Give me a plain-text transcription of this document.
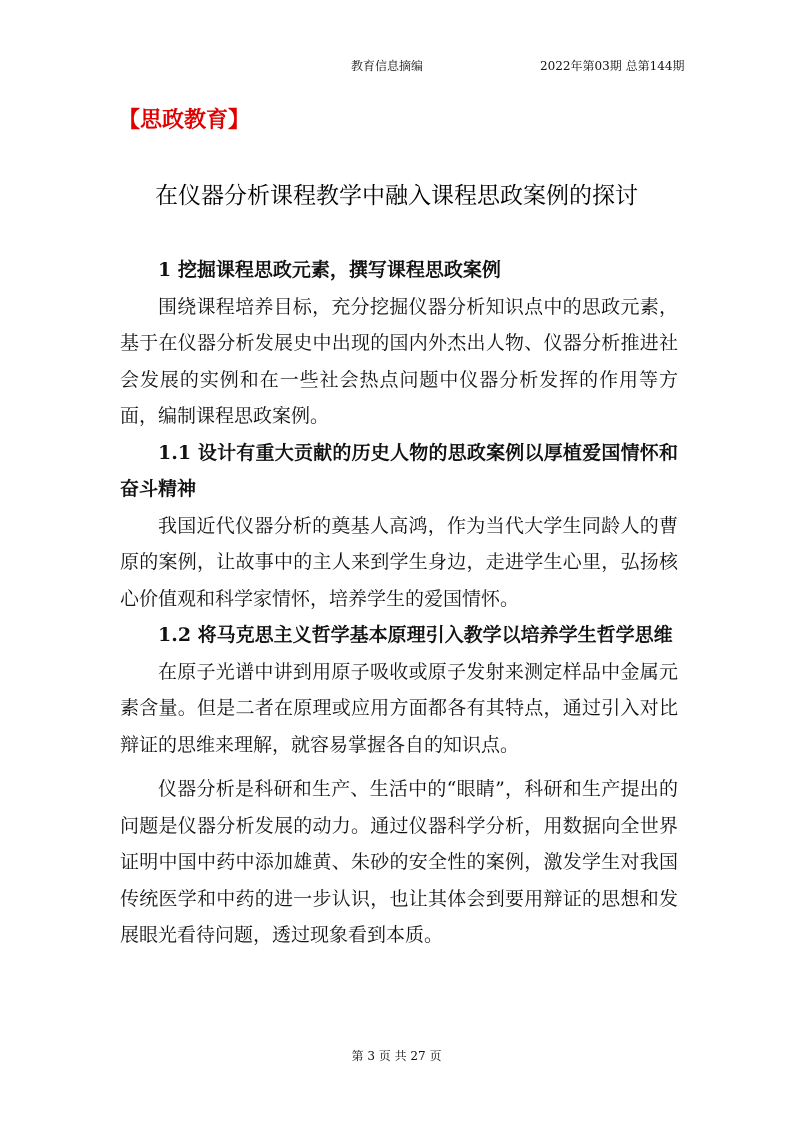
教育信息摘编	2022年第03期 总第144期
【思政教育】
在仪器分析课程教学中融入课程思政案例的探讨
1 挖掘课程思政元素，撰写课程思政案例

围绕课程培养目标，充分挖掘仪器分析知识点中的思政元素，基于在仪器分析发展史中出现的国内外杰出人物、仪器分析推进社会发展的实例和在一些社会热点问题中仪器分析发挥的作用等方面，编制课程思政案例。

1.1 设计有重大贡献的历史人物的思政案例以厚植爱国情怀和奋斗精神

我国近代仪器分析的奠基人高鸿，作为当代大学生同龄人的曹原的案例，让故事中的主人来到学生身边，走进学生心里，弘扬核心价值观和科学家情怀，培养学生的爱国情怀。

1.2 将马克思主义哲学基本原理引入教学以培养学生哲学思维

在原子光谱中讲到用原子吸收或原子发射来测定样品中金属元素含量。但是二者在原理或应用方面都各有其特点，通过引入对比辩证的思维来理解，就容易掌握各自的知识点。

仪器分析是科研和生产、生活中的“眼睛”，科研和生产提出的问题是仪器分析发展的动力。通过仪器科学分析，用数据向全世界证明中国中药中添加雄黄、朱砂的安全性的案例，激发学生对我国传统医学和中药的进一步认识，也让其体会到要用辩证的思想和发展眼光看待问题，透过现象看到本质。

第 3 页 共 27 页
